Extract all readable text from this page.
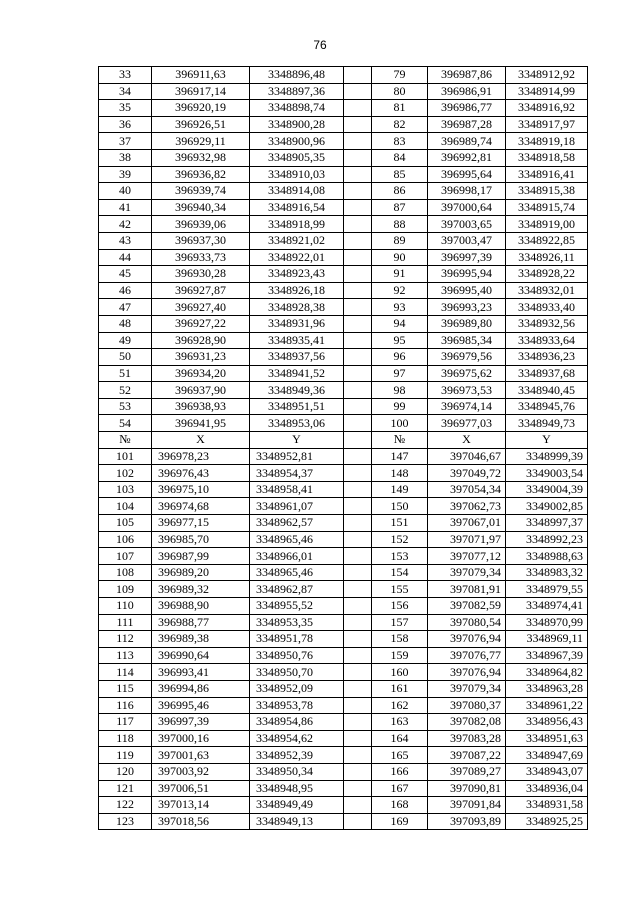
76
33	396911,63	3348896,48		79	396987,86	3348912,92
34	396917,14	3348897,36		80	396986,91	3348914,99
35	396920,19	3348898,74		81	396986,77	3348916,92
36	396926,51	3348900,28		82	396987,28	3348917,97
37	396929,11	3348900,96		83	396989,74	3348919,18
38	396932,98	3348905,35		84	396992,81	3348918,58
39	396936,82	3348910,03		85	396995,64	3348916,41
40	396939,74	3348914,08		86	396998,17	3348915,38
41	396940,34	3348916,54		87	397000,64	3348915,74
42	396939,06	3348918,99		88	397003,65	3348919,00
43	396937,30	3348921,02		89	397003,47	3348922,85
44	396933,73	3348922,01		90	396997,39	3348926,11
45	396930,28	3348923,43		91	396995,94	3348928,22
46	396927,87	3348926,18		92	396995,40	3348932,01
47	396927,40	3348928,38		93	396993,23	3348933,40
48	396927,22	3348931,96		94	396989,80	3348932,56
49	396928,90	3348935,41		95	396985,34	3348933,64
50	396931,23	3348937,56		96	396979,56	3348936,23
51	396934,20	3348941,52		97	396975,62	3348937,68
52	396937,90	3348949,36		98	396973,53	3348940,45
53	396938,93	3348951,51		99	396974,14	3348945,76
54	396941,95	3348953,06		100	396977,03	3348949,73
№	X	Y		№	X	Y
101	396978,23	3348952,81		147	397046,67	3348999,39
102	396976,43	3348954,37		148	397049,72	3349003,54
103	396975,10	3348958,41		149	397054,34	3349004,39
104	396974,68	3348961,07		150	397062,73	3349002,85
105	396977,15	3348962,57		151	397067,01	3348997,37
106	396985,70	3348965,46		152	397071,97	3348992,23
107	396987,99	3348966,01		153	397077,12	3348988,63
108	396989,20	3348965,46		154	397079,34	3348983,32
109	396989,32	3348962,87		155	397081,91	3348979,55
110	396988,90	3348955,52		156	397082,59	3348974,41
111	396988,77	3348953,35		157	397080,54	3348970,99
112	396989,38	3348951,78		158	397076,94	3348969,11
113	396990,64	3348950,76		159	397076,77	3348967,39
114	396993,41	3348950,70		160	397076,94	3348964,82
115	396994,86	3348952,09		161	397079,34	3348963,28
116	396995,46	3348953,78		162	397080,37	3348961,22
117	396997,39	3348954,86		163	397082,08	3348956,43
118	397000,16	3348954,62		164	397083,28	3348951,63
119	397001,63	3348952,39		165	397087,22	3348947,69
120	397003,92	3348950,34		166	397089,27	3348943,07
121	397006,51	3348948,95		167	397090,81	3348936,04
122	397013,14	3348949,49		168	397091,84	3348931,58
123	397018,56	3348949,13		169	397093,89	3348925,25
